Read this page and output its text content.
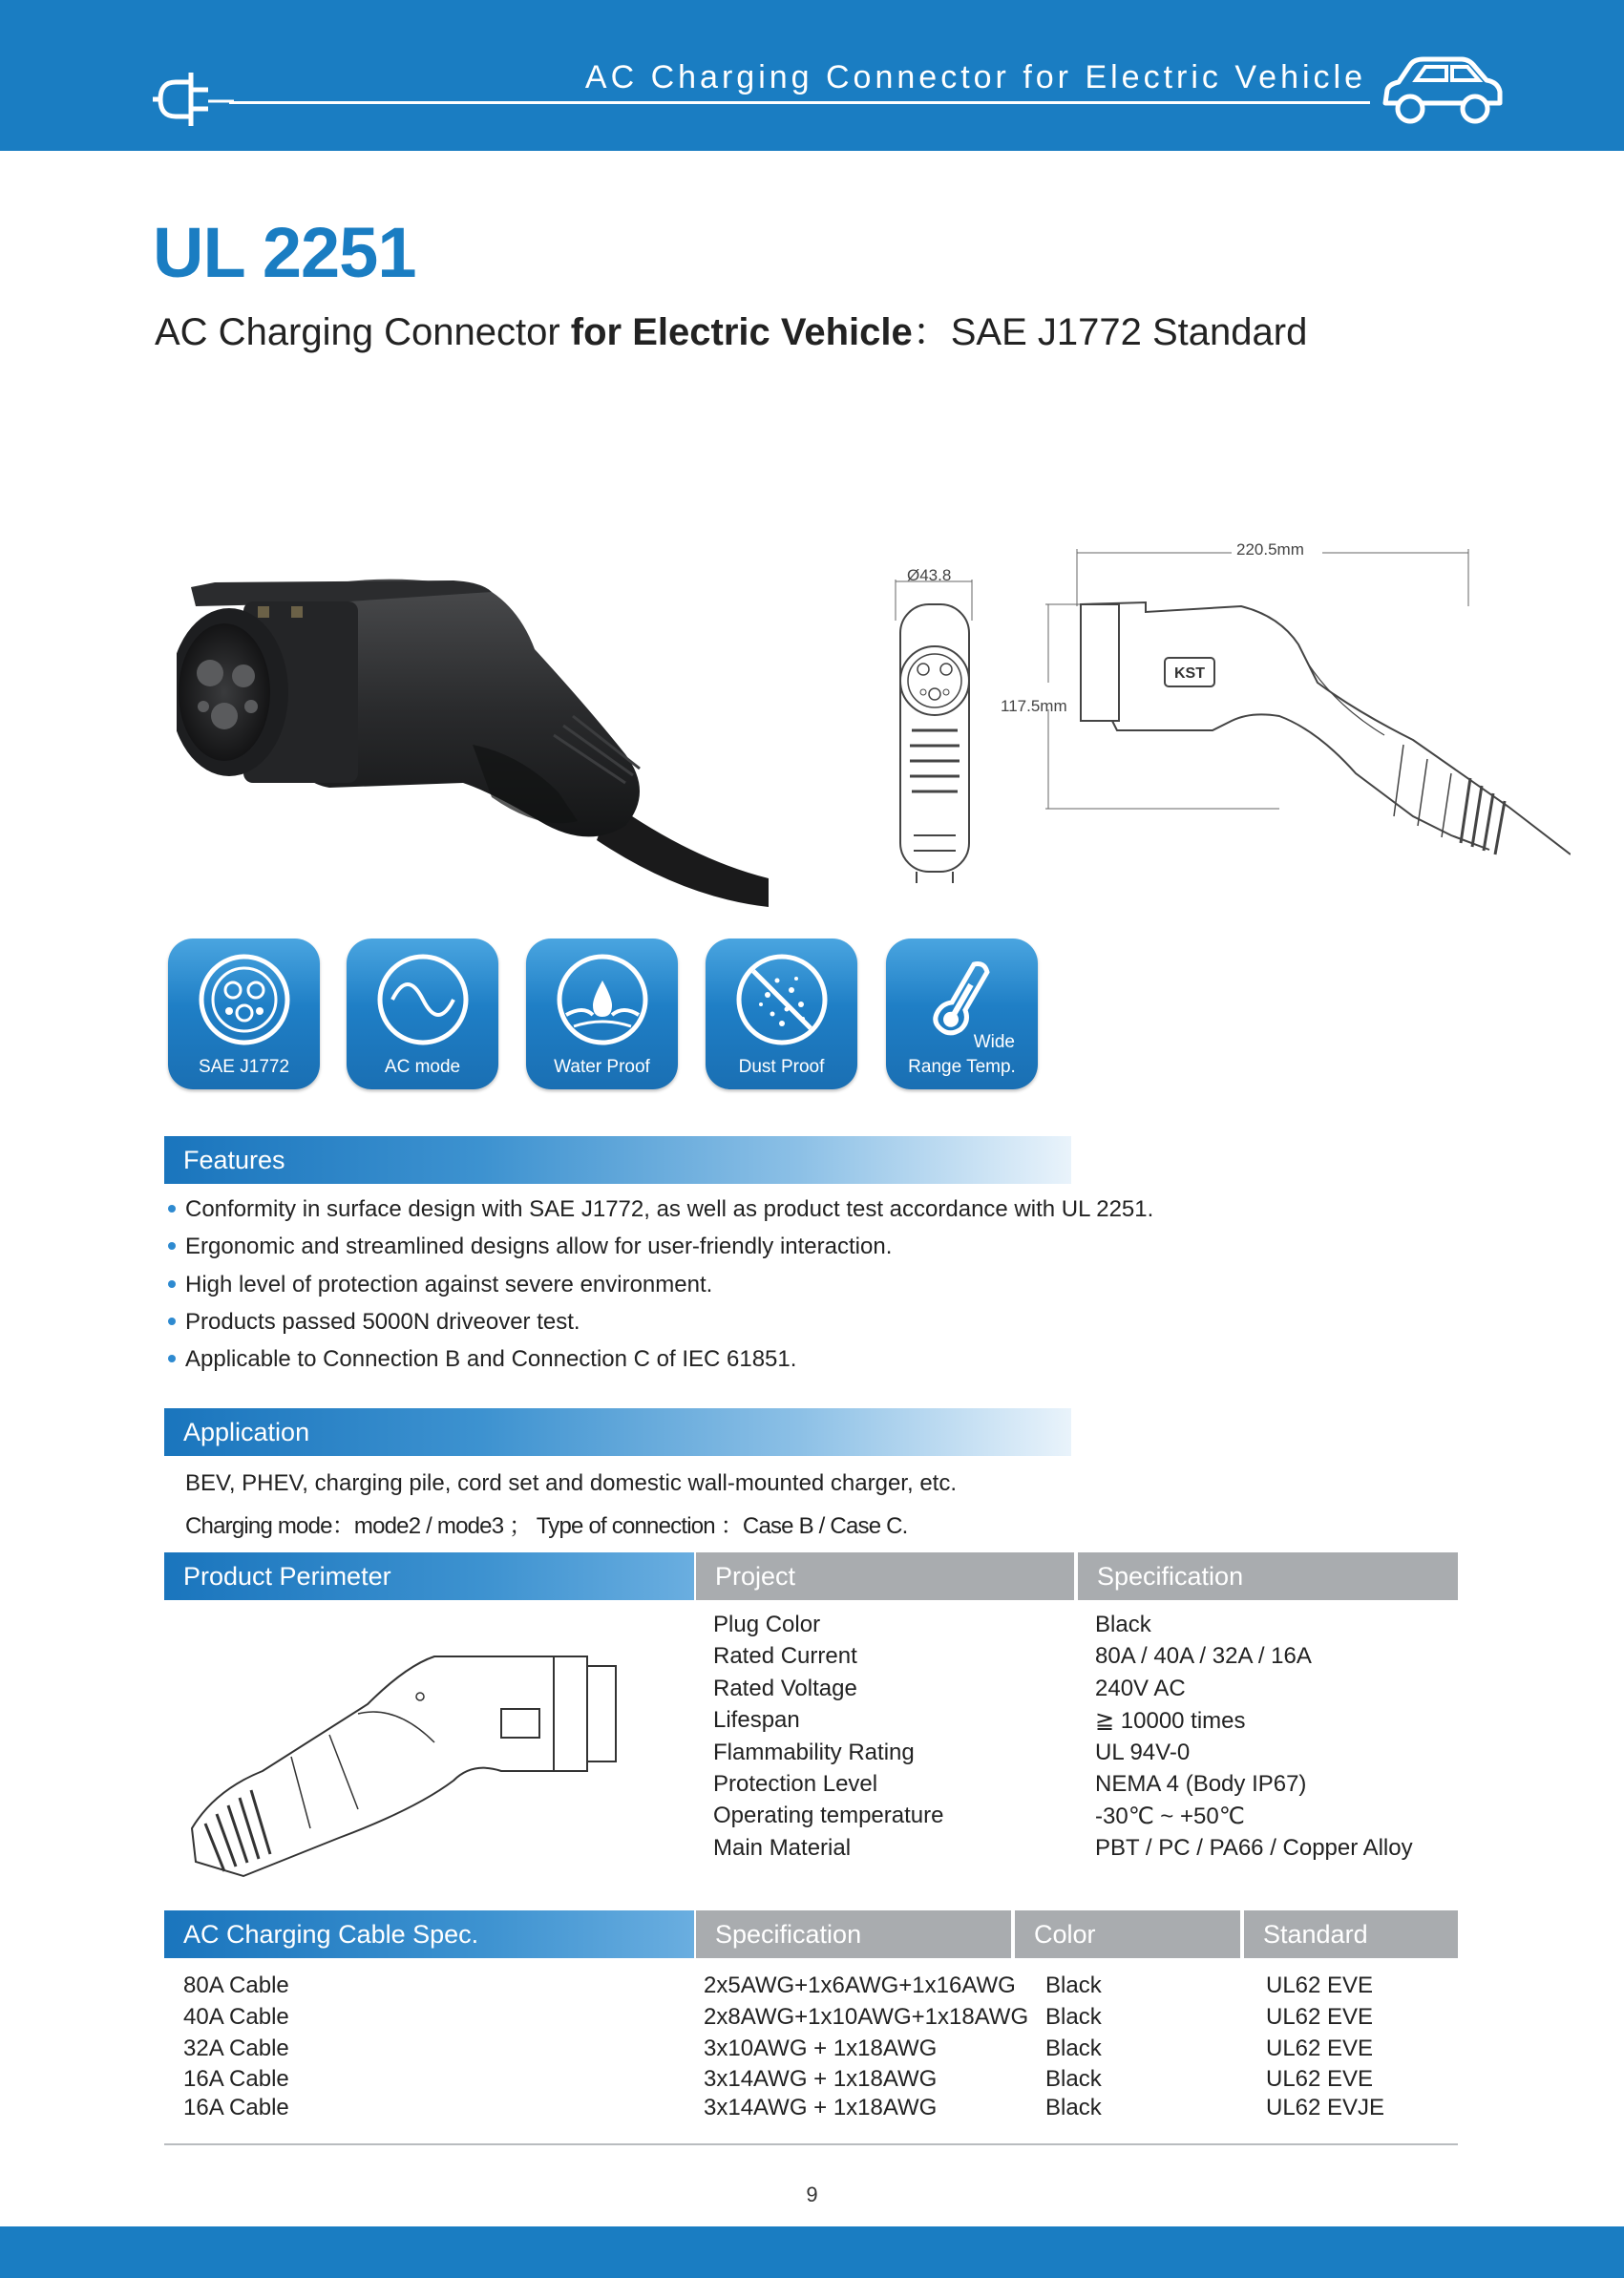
AC Charging Connector for Electric Vehicle
UL 2251
AC Charging Connector for Electric Vehicle：SAE J1772 Standard
Ø43.8
KST
220.5mm
117.5mm
SAE J1772	AC mode	Water Proof	Dust Proof
Wide
Range Temp.
Features
Conformity in surface design with SAE J1772, as well as product test accordance with UL 2251.
Ergonomic and streamlined designs allow for user-friendly interaction.
High level of protection against severe environment.
Products passed 5000N driveover test.
Applicable to Connection B and Connection C of IEC 61851.
Application
BEV, PHEV, charging pile, cord set and domestic wall-mounted charger, etc.
Charging mode：mode2 / mode3 ； Type of connection ：Case B / Case C.
Product Perimeter	Project	Specification
Plug Color	Black
Rated Current	80A / 40A / 32A / 16A
Rated Voltage	240V AC
Lifespan	≧ 10000 times
Flammability Rating	UL 94V-0
Protection Level	NEMA 4 (Body IP67)
Operating temperature	-30℃ ~ +50℃
Main Material	PBT / PC / PA66 / Copper Alloy
AC Charging Cable Spec.	Specification	Color	Standard
80A Cable	2x5AWG+1x6AWG+1x16AWG Black	UL62 EVE
40A Cable	2x8AWG+1x10AWG+1x18AWG Black	UL62 EVE
32A Cable	3x10AWG + 1x18AWG	Black	UL62 EVE
16A Cable	3x14AWG + 1x18AWG	Black	UL62 EVE
16A Cable	3x14AWG + 1x18AWG	Black	UL62 EVJE
9
